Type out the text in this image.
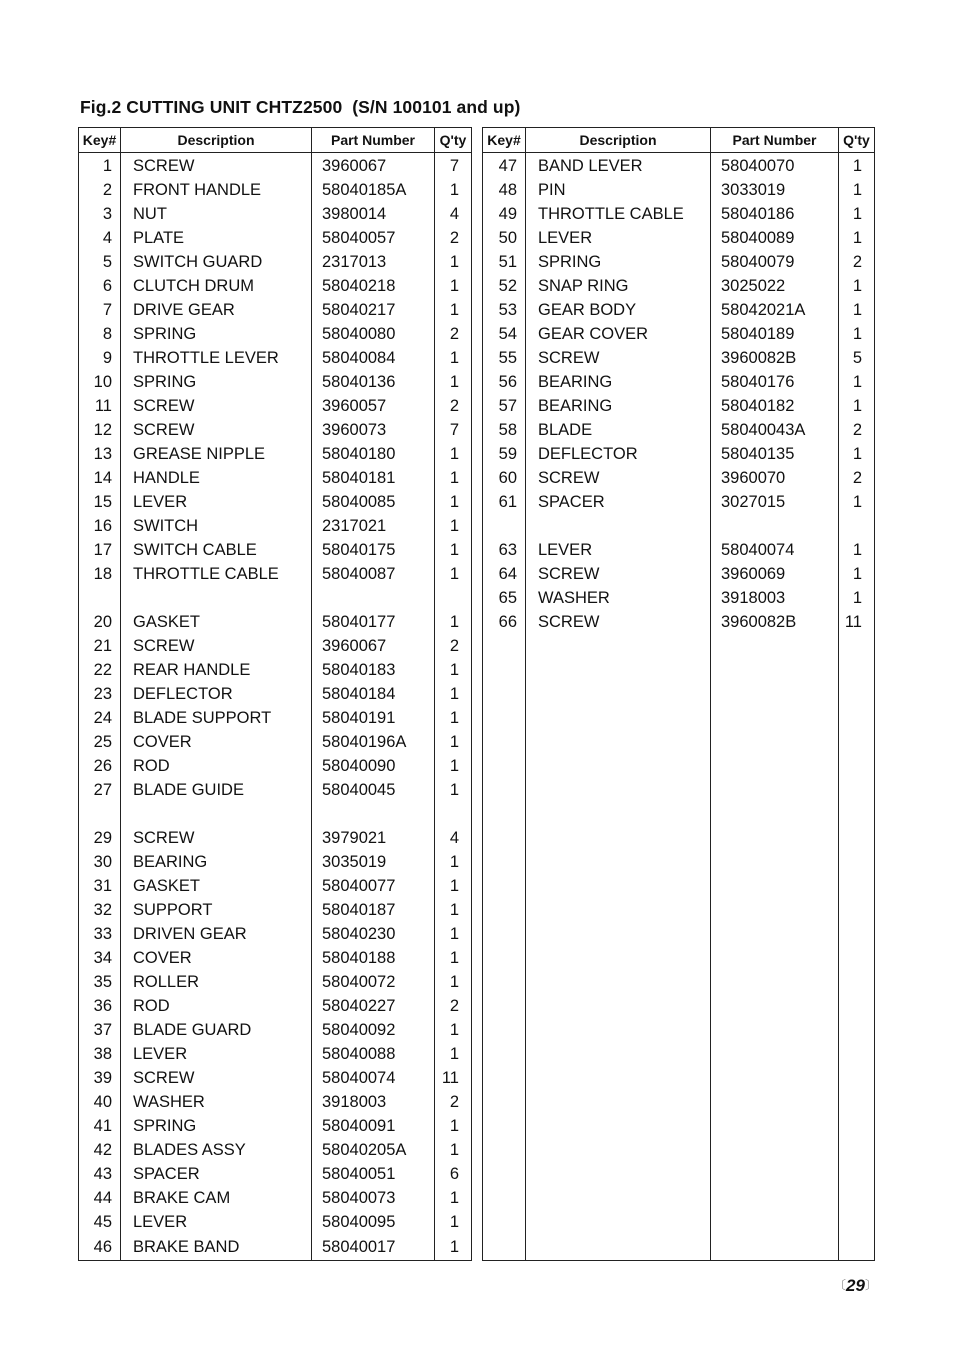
Fig.2 CUTTING UNIT CHTZ2500  (S/N 100101 and up)
Key#	Description	Part Number	Q'ty
1	SCREW	3960067	7
2	FRONT HANDLE	58040185A	1
3	NUT	3980014	4
4	PLATE	58040057	2
5	SWITCH GUARD	2317013	1
6	CLUTCH DRUM	58040218	1
7	DRIVE GEAR	58040217	1
8	SPRING	58040080	2
9	THROTTLE LEVER	58040084	1
10	SPRING	58040136	1
11	SCREW	3960057	2
12	SCREW	3960073	7
13	GREASE NIPPLE	58040180	1
14	HANDLE	58040181	1
15	LEVER	58040085	1
16	SWITCH	2317021	1
17	SWITCH CABLE	58040175	1
18	THROTTLE CABLE	58040087	1

20	GASKET	58040177	1
21	SCREW	3960067	2
22	REAR HANDLE	58040183	1
23	DEFLECTOR	58040184	1
24	BLADE SUPPORT	58040191	1
25	COVER	58040196A	1
26	ROD	58040090	1
27	BLADE GUIDE	58040045	1

29	SCREW	3979021	4
30	BEARING	3035019	1
31	GASKET	58040077	1
32	SUPPORT	58040187	1
33	DRIVEN GEAR	58040230	1
34	COVER	58040188	1
35	ROLLER	58040072	1
36	ROD	58040227	2
37	BLADE GUARD	58040092	1
38	LEVER	58040088	1
39	SCREW	58040074	11
40	WASHER	3918003	2
41	SPRING	58040091	1
42	BLADES ASSY	58040205A	1
43	SPACER	58040051	6
44	BRAKE CAM	58040073	1
45	LEVER	58040095	1
46	BRAKE BAND	58040017	1
Key#	Description	Part Number	Q'ty
47	BAND LEVER	58040070	1
48	PIN	3033019	1
49	THROTTLE CABLE	58040186	1
50	LEVER	58040089	1
51	SPRING	58040079	2
52	SNAP RING	3025022	1
53	GEAR BODY	58042021A	1
54	GEAR COVER	58040189	1
55	SCREW	3960082B	5
56	BEARING	58040176	1
57	BEARING	58040182	1
58	BLADE	58040043A	2
59	DEFLECTOR	58040135	1
60	SCREW	3960070	2
61	SPACER	3027015	1

63	LEVER	58040074	1
64	SCREW	3960069	1
65	WASHER	3918003	1
66	SCREW	3960082B	11

〔29〕
